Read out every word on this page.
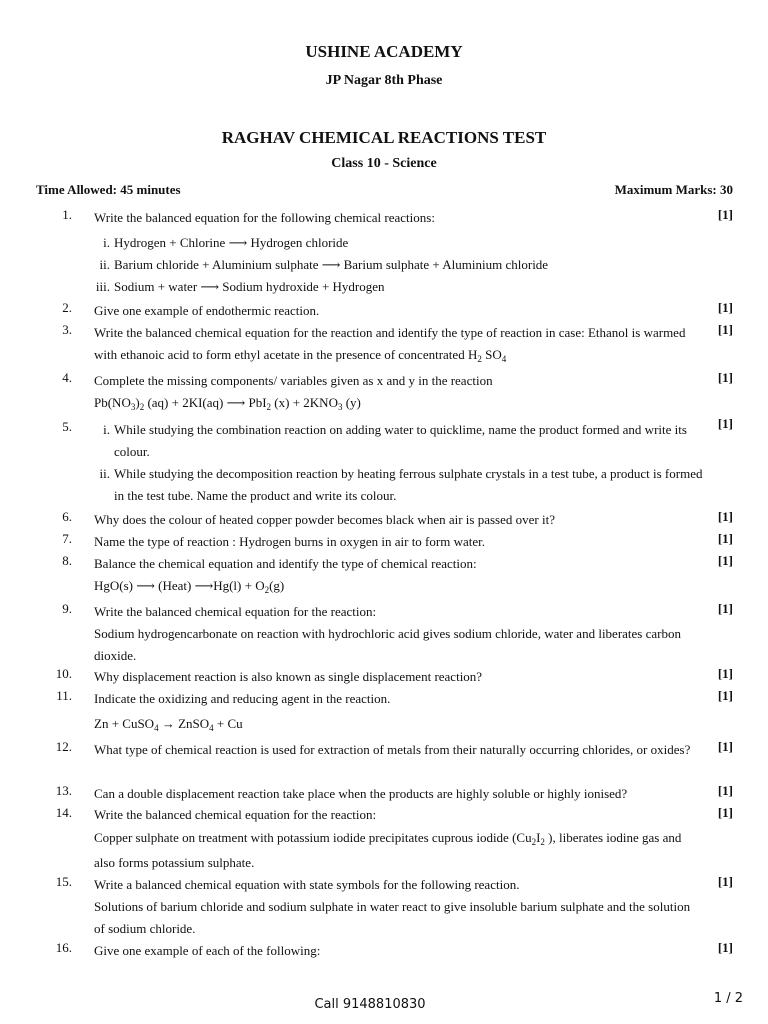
USHINE ACADEMY
JP Nagar 8th Phase
RAGHAV CHEMICAL REACTIONS TEST
Class 10 - Science
Time Allowed: 45 minutes	Maximum Marks: 30
1. Write the balanced equation for the following chemical reactions:
i. Hydrogen + Chlorine ⟶ Hydrogen chloride
ii. Barium chloride + Aluminium sulphate ⟶ Barium sulphate + Aluminium chloride
iii. Sodium + water ⟶ Sodium hydroxide + Hydrogen
[1]
2. Give one example of endothermic reaction.	[1]
3. Write the balanced chemical equation for the reaction and identify the type of reaction in case: Ethanol is warmed with ethanoic acid to form ethyl acetate in the presence of concentrated $H_2$ $SO_4$
[1]
4. Complete the missing components/ variables given as x and y in the reaction
$Pb(NO_3)_2$ (aq) + 2KI(aq) ⟶ PbI$_2$ $(x) + 2KNO_3$ (y)
[1]
5.	i. While studying the combination reaction on adding water to quicklime, name the product formed and write its colour.
ii. While studying the decomposition reaction by heating ferrous sulphate crystals in a test tube, a product is formed in the test tube. Name the product and write its colour.
[1]
6. Why does the colour of heated copper powder becomes black when air is passed over it?	[1]
7. Name the type of reaction : Hydrogen burns in oxygen in air to form water.	[1]
8. Balance the chemical equation and identify the type of chemical reaction:
HgO(s) ⟶ (Heat) ⟶Hg(l) + $O_2(g)$
[1]
9. Write the balanced chemical equation for the reaction:
Sodium hydrogencarbonate on reaction with hydrochloric acid gives sodium chloride, water and liberates carbon dioxide.
[1]
10. Why displacement reaction is also known as single displacement reaction?	[1]
11. Indicate the oxidizing and reducing agent in the reaction.
Zn + CuSO$_4$ → ZnSO$_4$ + Cu
[1]
12. What type of chemical reaction is used for extraction of metals from their naturally occurring chlorides, or oxides?	[1]
13. Can a double displacement reaction take place when the products are highly soluble or highly ionised?	[1]
14. Write the balanced chemical equation for the reaction:
Copper sulphate on treatment with potassium iodide precipitates cuprous iodide ($Cu_2I_2$ ), liberates iodine gas and also forms potassium sulphate.
[1]
15. Write a balanced chemical equation with state symbols for the following reaction.
Solutions of barium chloride and sodium sulphate in water react to give insoluble barium sulphate and the solution of sodium chloride.
[1]
16. Give one example of each of the following:	[1]
Call 9148810830	1 / 2
